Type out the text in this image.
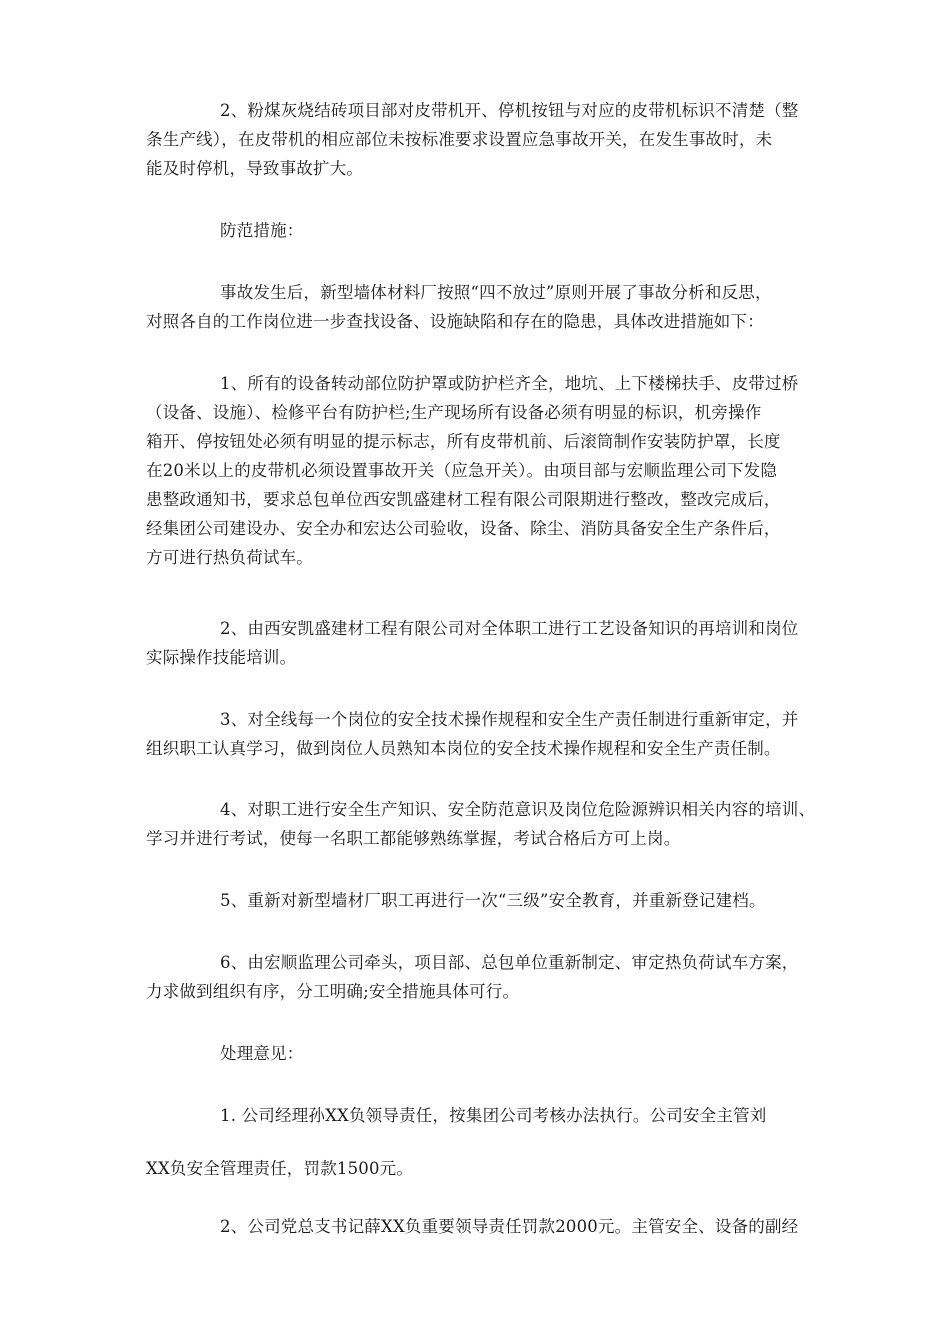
2、粉煤灰烧结砖项目部对皮带机开、停机按钮与对应的皮带机标识不清楚（整
条生产线），在皮带机的相应部位未按标准要求设置应急事故开关，在发生事故时，未
能及时停机，导致事故扩大。

防范措施：

事故发生后，新型墙体材料厂按照“四不放过”原则开展了事故分析和反思，
对照各自的工作岗位进一步查找设备、设施缺陷和存在的隐患，具体改进措施如下：

1、所有的设备转动部位防护罩或防护栏齐全，地坑、上下楼梯扶手、皮带过桥
（设备、设施）、检修平台有防护栏;生产现场所有设备必须有明显的标识，机旁操作
箱开、停按钮处必须有明显的提示标志，所有皮带机前、后滚筒制作安装防护罩，长度
在20米以上的皮带机必须设置事故开关（应急开关）。由项目部与宏顺监理公司下发隐
患整政通知书，要求总包单位西安凯盛建材工程有限公司限期进行整改，整改完成后，
经集团公司建设办、安全办和宏达公司验收，设备、除尘、消防具备安全生产条件后，
方可进行热负荷试车。

2、由西安凯盛建材工程有限公司对全体职工进行工艺设备知识的再培训和岗位
实际操作技能培训。

3、对全线每一个岗位的安全技术操作规程和安全生产责任制进行重新审定，并
组织职工认真学习，做到岗位人员熟知本岗位的安全技术操作规程和安全生产责任制。

4、对职工进行安全生产知识、安全防范意识及岗位危险源辨识相关内容的培训、
学习并进行考试，使每一名职工都能够熟练掌握，考试合格后方可上岗。

5、重新对新型墙材厂职工再进行一次“三级”安全教育，并重新登记建档。

6、由宏顺监理公司牵头，项目部、总包单位重新制定、审定热负荷试车方案，
力求做到组织有序，分工明确;安全措施具体可行。

处理意见：

1. 公司经理孙XX负领导责任，按集团公司考核办法执行。公司安全主管刘

XX负安全管理责任，罚款1500元。

2、公司党总支书记薛XX负重要领导责任罚款2000元。主管安全、设备的副经
